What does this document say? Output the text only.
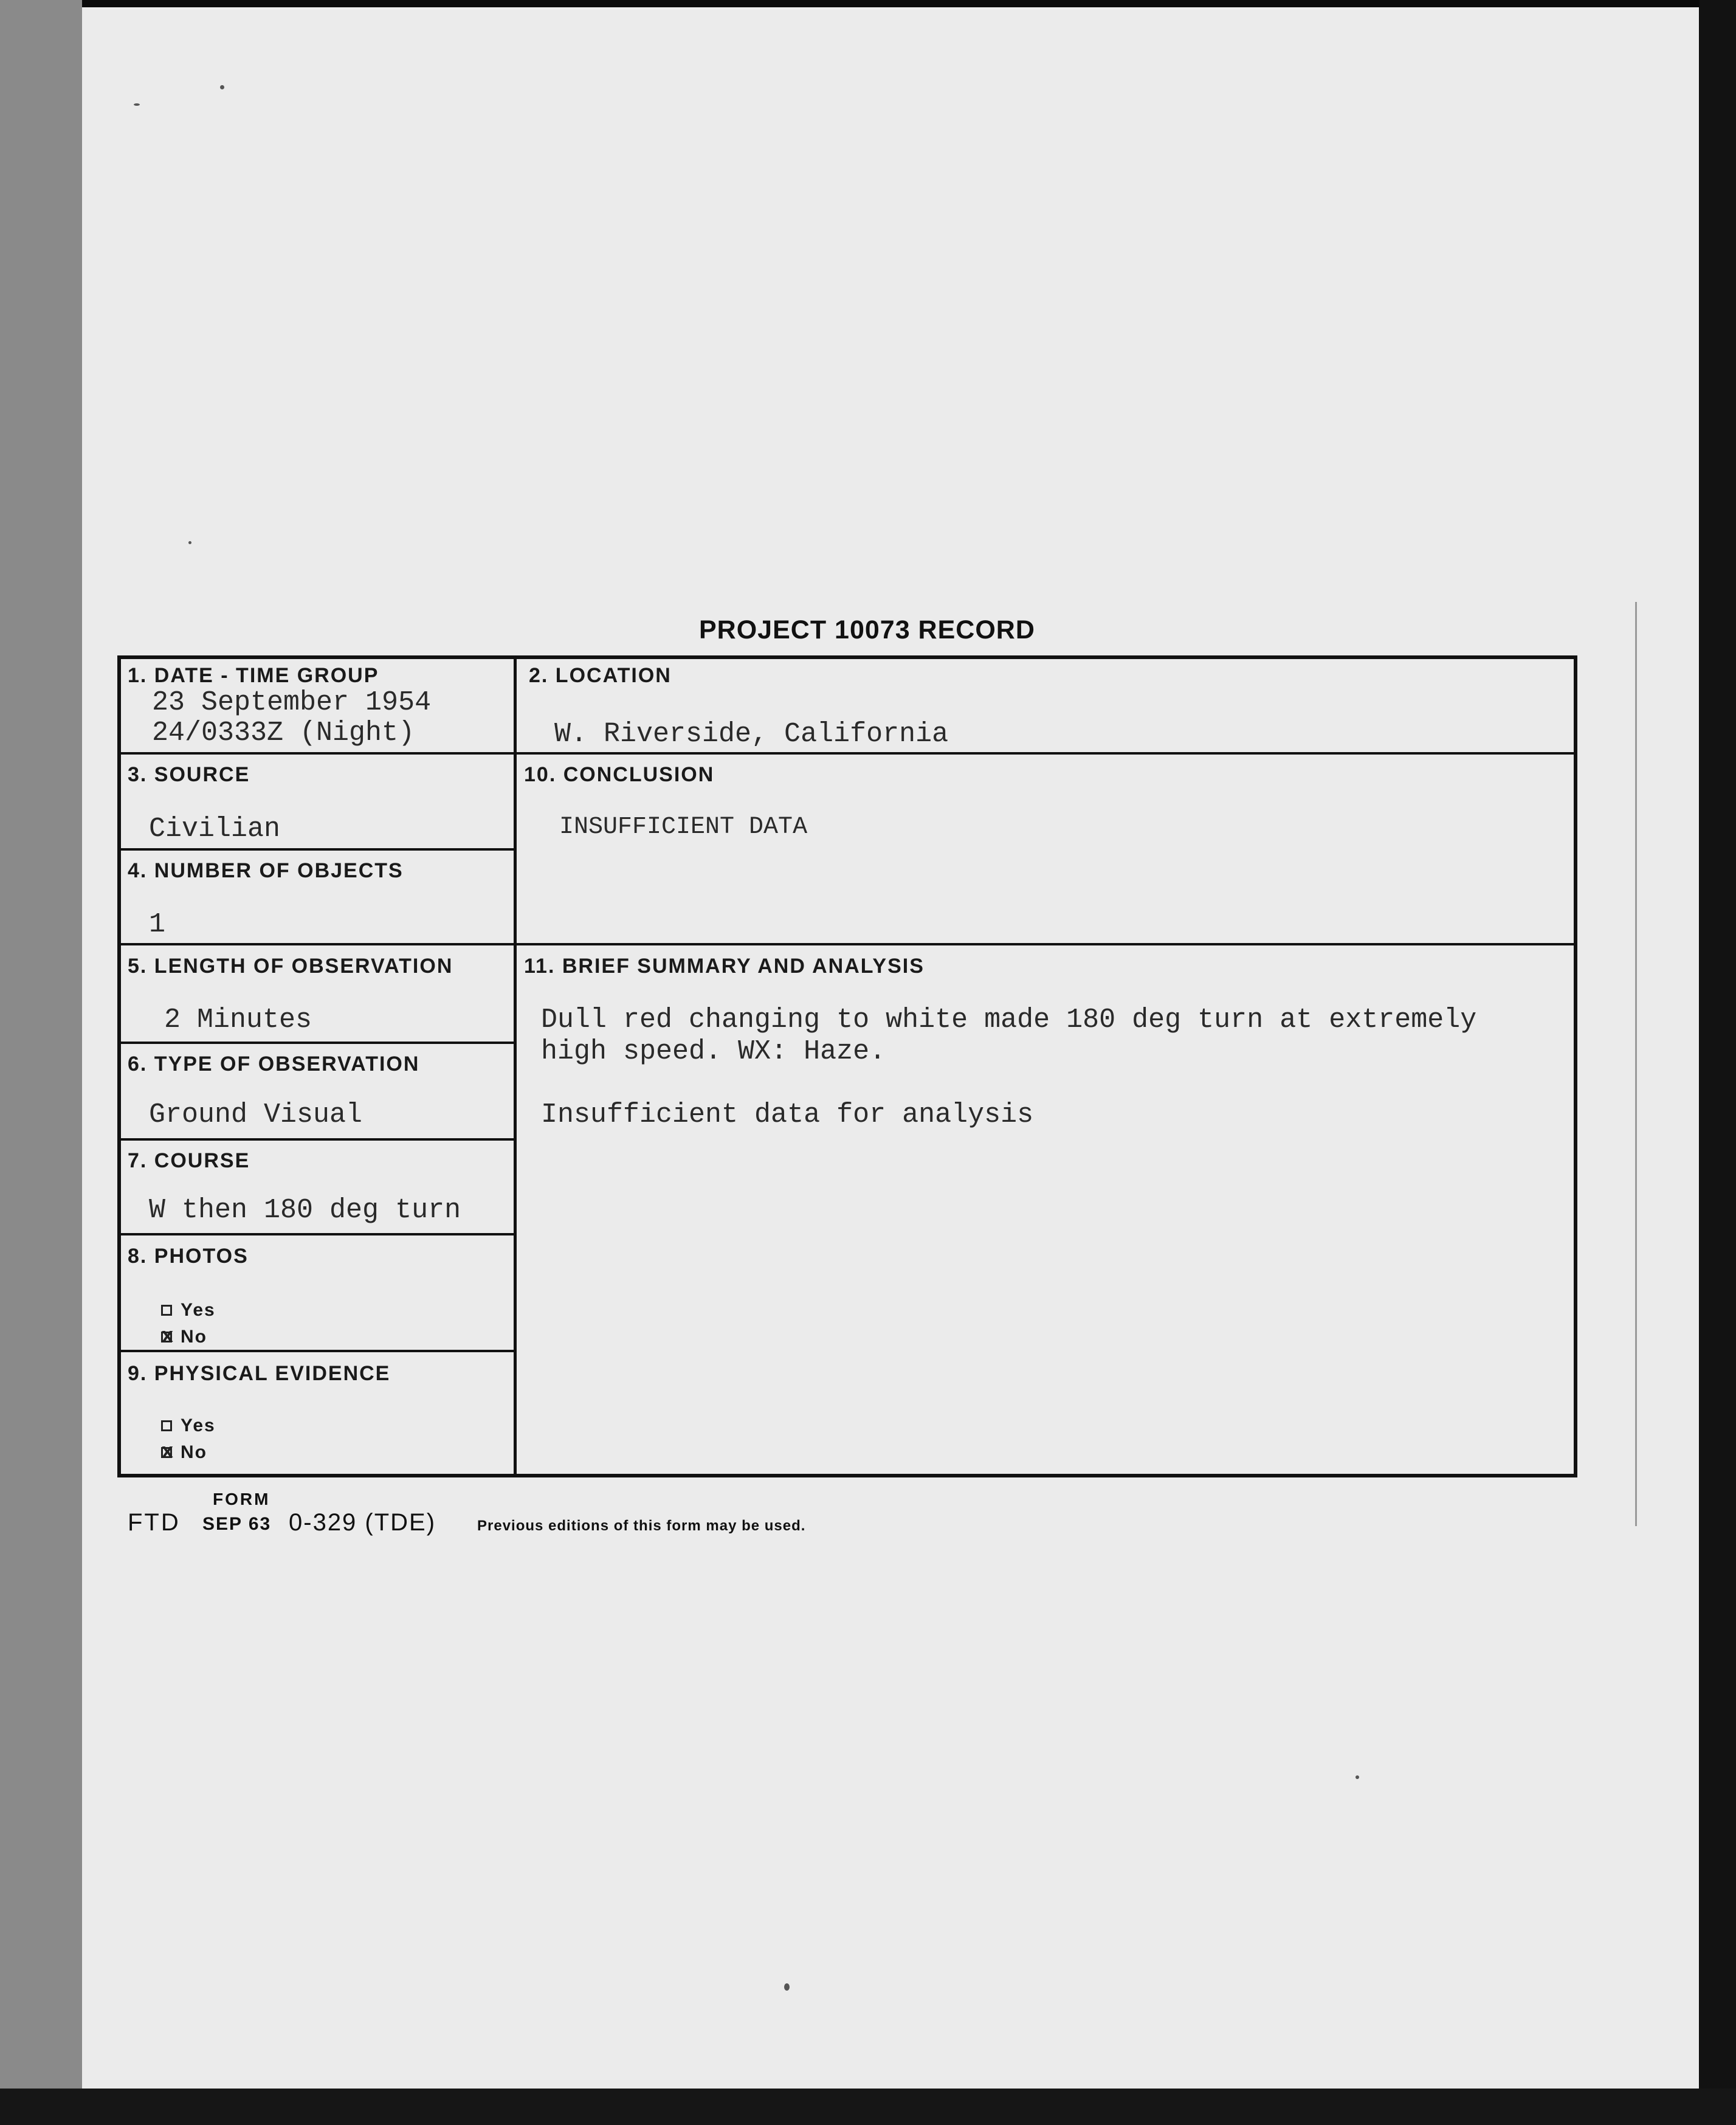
PROJECT 10073 RECORD
1. DATE - TIME GROUP
23 September 1954
24/0333Z (Night)
2. LOCATION
W. Riverside, California
3. SOURCE
Civilian
10. CONCLUSION
INSUFFICIENT DATA
4. NUMBER OF OBJECTS
1
5. LENGTH OF OBSERVATION
2 Minutes
11. BRIEF SUMMARY AND ANALYSIS
Dull red changing to white made 180 deg turn at extremely
high speed. WX: Haze.
Insufficient data for analysis
6. TYPE OF OBSERVATION
Ground Visual
7. COURSE
W then 180 deg turn
8. PHOTOS
Yes
x
No
9. PHYSICAL EVIDENCE
Yes
x
No
FORM
FTD SEP 63 0-329 (TDE)	Previous editions of this form may be used.
